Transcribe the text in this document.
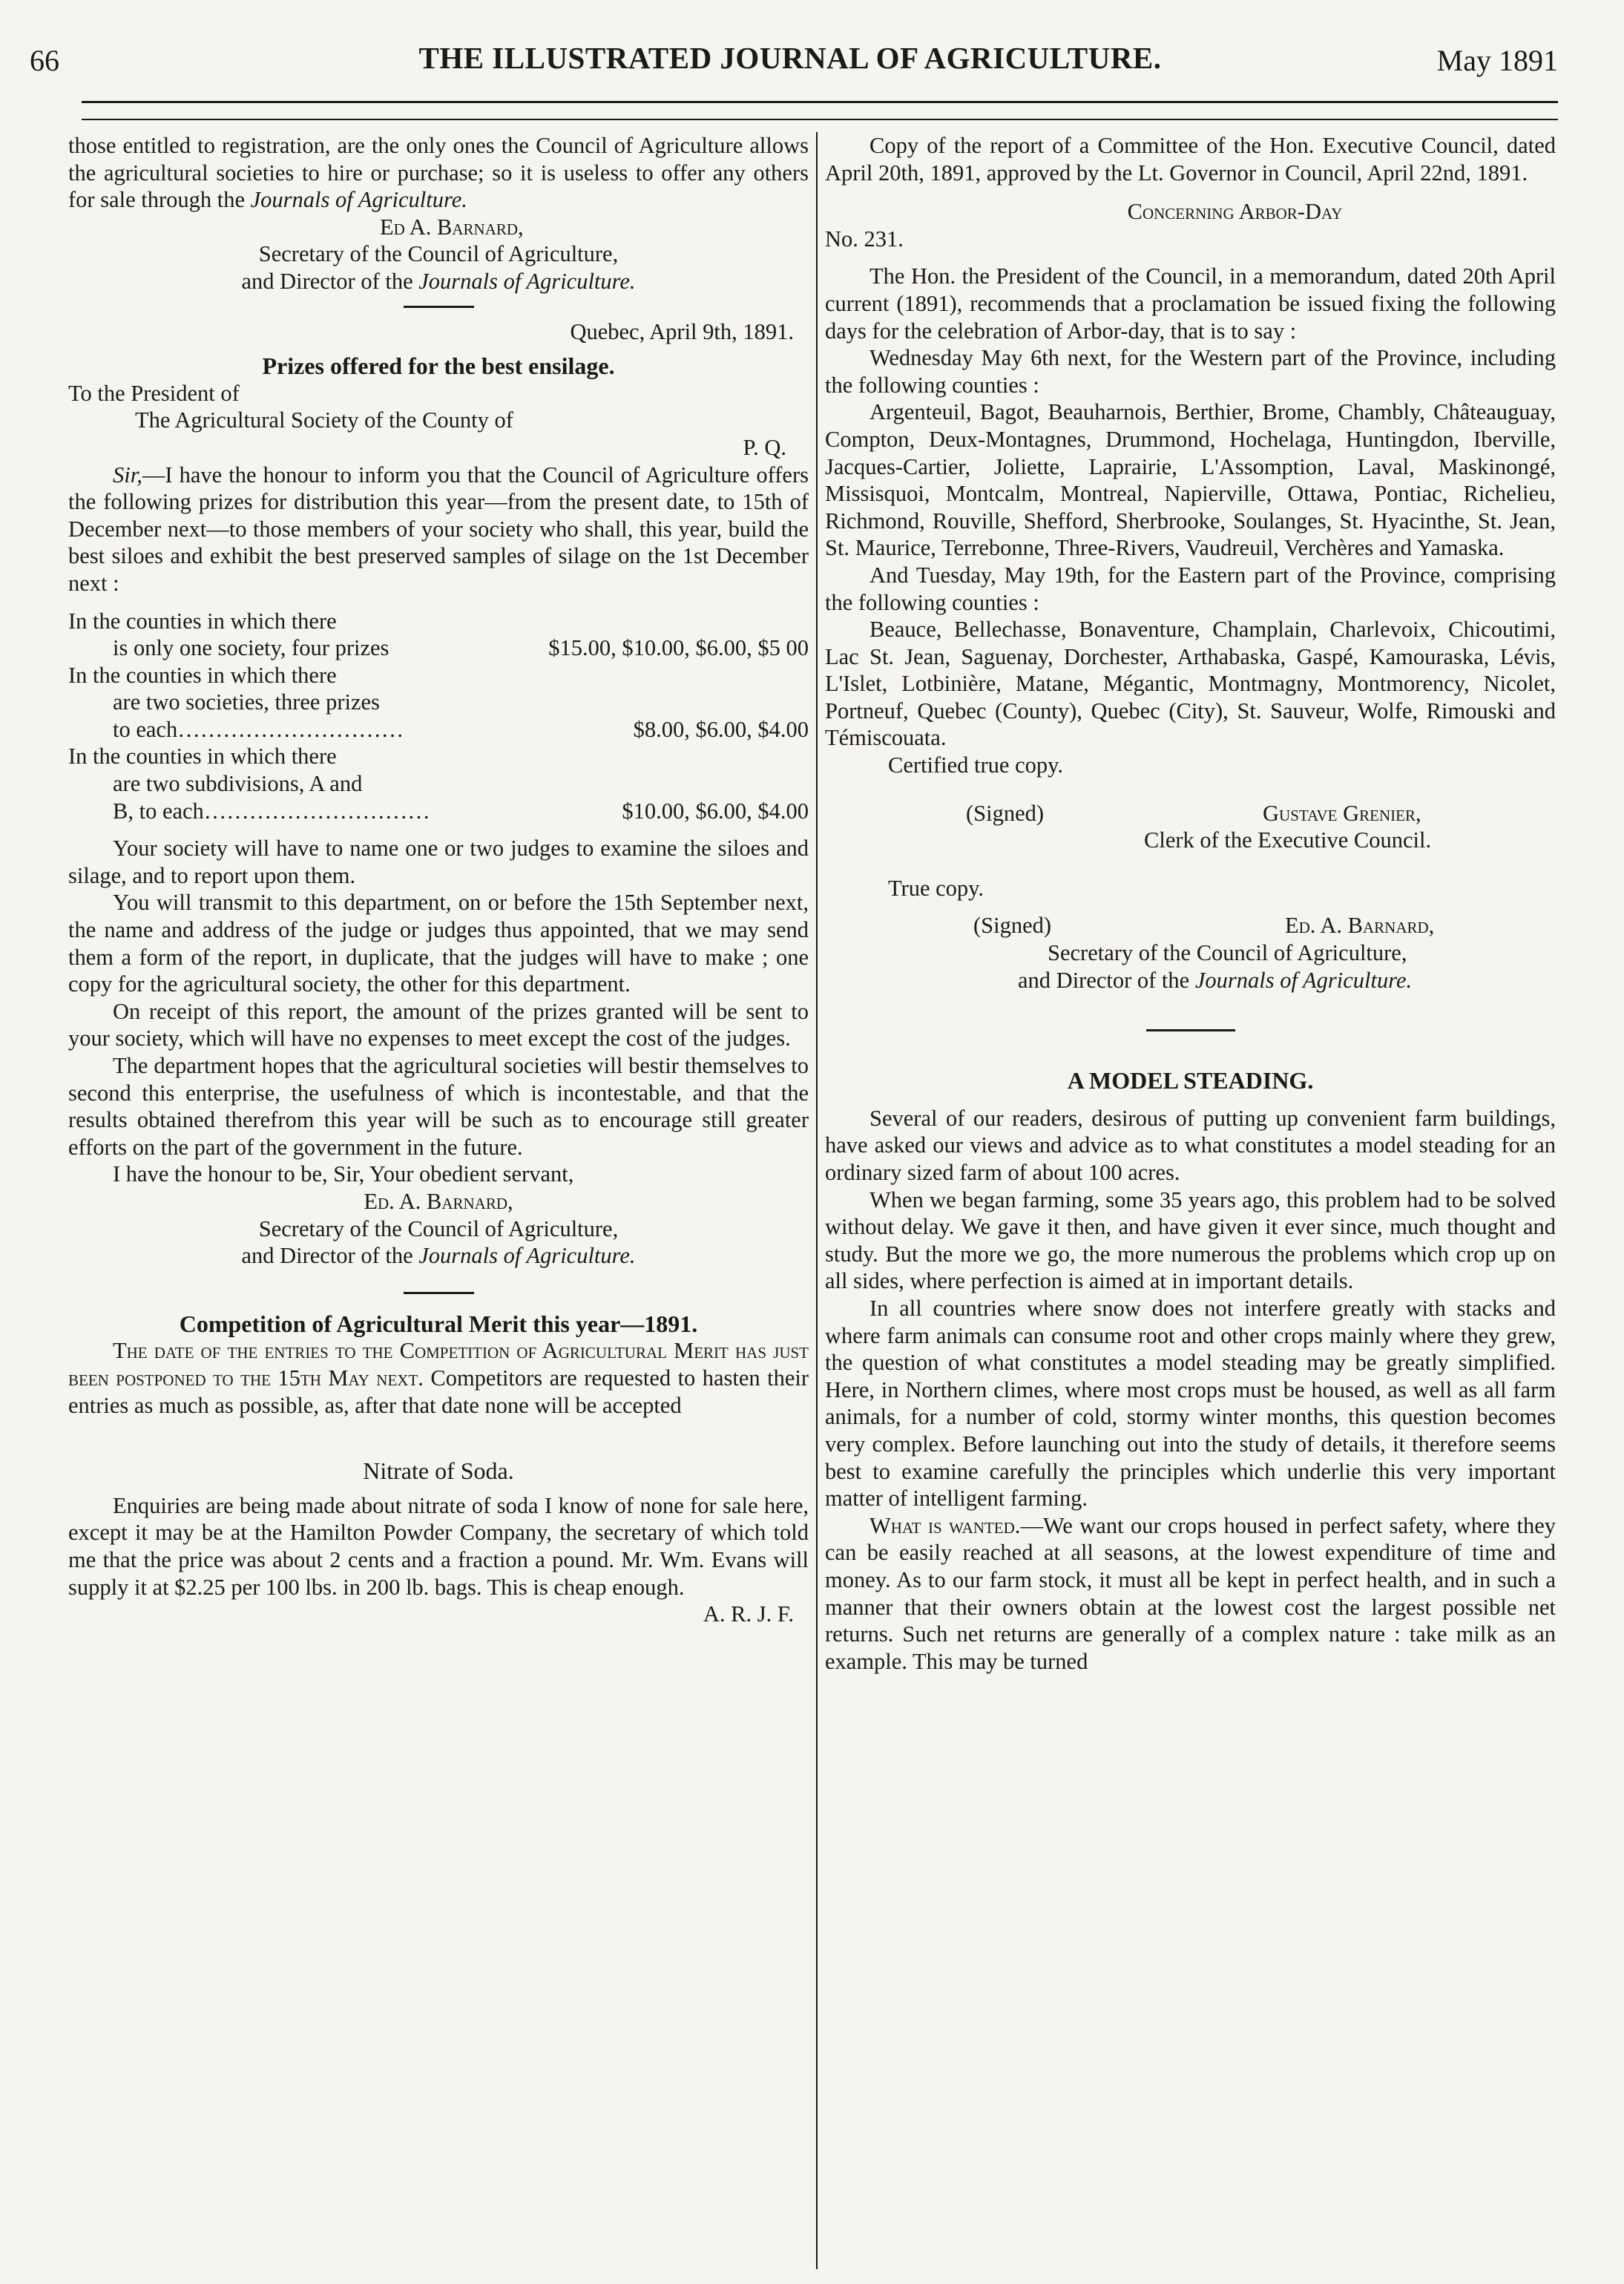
66	THE ILLUSTRATED JOURNAL OF AGRICULTURE.	May 1891

those entitled to registration, are the only ones the Council of Agriculture allows the agricultural societies to hire or purchase; so it is useless to offer any others for sale through the Journals of Agriculture.

Ed A. Barnard,

Secretary of the Council of Agriculture,

and Director of the Journals of Agriculture.

Quebec, April 9th, 1891.

Prizes offered for the best ensilage.

To the President of

The Agricultural Society of the County of

P. Q.

Sir,—I have the honour to inform you that the Council of Agriculture offers the following prizes for distribution this year—from the present date, to 15th of December next—to those members of your society who shall, this year, build the best siloes and exhibit the best preserved samples of silage on the 1st December next :

In the counties in which there

is only one society, four prizes	$15.00, $10.00, $6.00, $5 00

In the counties in which there

are two societies, three prizes

to each…………………………	$8.00, $6.00, $4.00

In the counties in which there

are two subdivisions, A and

B, to each…………………………	$10.00, $6.00, $4.00

Your society will have to name one or two judges to examine the siloes and silage, and to report upon them.

You will transmit to this department, on or before the 15th September next, the name and address of the judge or judges thus appointed, that we may send them a form of the report, in duplicate, that the judges will have to make ; one copy for the agricultural society, the other for this department.

On receipt of this report, the amount of the prizes granted will be sent to your society, which will have no expenses to meet except the cost of the judges.

The department hopes that the agricultural societies will bestir themselves to second this enterprise, the usefulness of which is incontestable, and that the results obtained therefrom this year will be such as to encourage still greater efforts on the part of the government in the future.

I have the honour to be, Sir, Your obedient servant,

Ed. A. Barnard,

Secretary of the Council of Agriculture,

and Director of the Journals of Agriculture.

Competition of Agricultural Merit this year—1891.

The date of the entries to the Competition of Agricultural Merit has just been postponed to the 15th May next. Competitors are requested to hasten their entries as much as possible, as, after that date none will be accepted

Nitrate of Soda.

Enquiries are being made about nitrate of soda I know of none for sale here, except it may be at the Hamilton Powder Company, the secretary of which told me that the price was about 2 cents and a fraction a pound. Mr. Wm. Evans will supply it at $2.25 per 100 lbs. in 200 lb. bags. This is cheap enough.
A. R. J. F.

Copy of the report of a Committee of the Hon. Executive Council, dated April 20th, 1891, approved by the Lt. Governor in Council, April 22nd, 1891.

Concerning Arbor-Day

No. 231.

The Hon. the President of the Council, in a memorandum, dated 20th April current (1891), recommends that a proclamation be issued fixing the following days for the celebration of Arbor-day, that is to say :

Wednesday May 6th next, for the Western part of the Province, including the following counties :

Argenteuil, Bagot, Beauharnois, Berthier, Brome, Chambly, Châteauguay, Compton, Deux-Montagnes, Drummond, Hochelaga, Huntingdon, Iberville, Jacques-Cartier, Joliette, Laprairie, L'Assomption, Laval, Maskinongé, Missisquoi, Montcalm, Montreal, Napierville, Ottawa, Pontiac, Richelieu, Richmond, Rouville, Shefford, Sherbrooke, Soulanges, St. Hyacinthe, St. Jean, St. Maurice, Terrebonne, Three-Rivers, Vaudreuil, Verchères and Yamaska.

And Tuesday, May 19th, for the Eastern part of the Province, comprising the following counties :

Beauce, Bellechasse, Bonaventure, Champlain, Charlevoix, Chicoutimi, Lac St. Jean, Saguenay, Dorchester, Arthabaska, Gaspé, Kamouraska, Lévis, L'Islet, Lotbinière, Matane, Mégantic, Montmagny, Montmorency, Nicolet, Portneuf, Quebec (County), Quebec (City), St. Sauveur, Wolfe, Rimouski and Témiscouata.

Certified true copy.

(Signed)	Gustave Grenier,

Clerk of the Executive Council.

True copy.

(Signed)	Ed. A. Barnard,

Secretary of the Council of Agriculture,

and Director of the Journals of Agriculture.

A MODEL STEADING.

Several of our readers, desirous of putting up convenient farm buildings, have asked our views and advice as to what constitutes a model steading for an ordinary sized farm of about 100 acres.

When we began farming, some 35 years ago, this problem had to be solved without delay. We gave it then, and have given it ever since, much thought and study. But the more we go, the more numerous the problems which crop up on all sides, where perfection is aimed at in important details.

In all countries where snow does not interfere greatly with stacks and where farm animals can consume root and other crops mainly where they grew, the question of what constitutes a model steading may be greatly simplified. Here, in Northern climes, where most crops must be housed, as well as all farm animals, for a number of cold, stormy winter months, this question becomes very complex. Before launching out into the study of details, it therefore seems best to examine carefully the principles which underlie this very important matter of intelligent farming.

What is wanted.—We want our crops housed in perfect safety, where they can be easily reached at all seasons, at the lowest expenditure of time and money. As to our farm stock, it must all be kept in perfect health, and in such a manner that their owners obtain at the lowest cost the largest possible net returns. Such net returns are generally of a complex nature : take milk as an example. This may be turned
